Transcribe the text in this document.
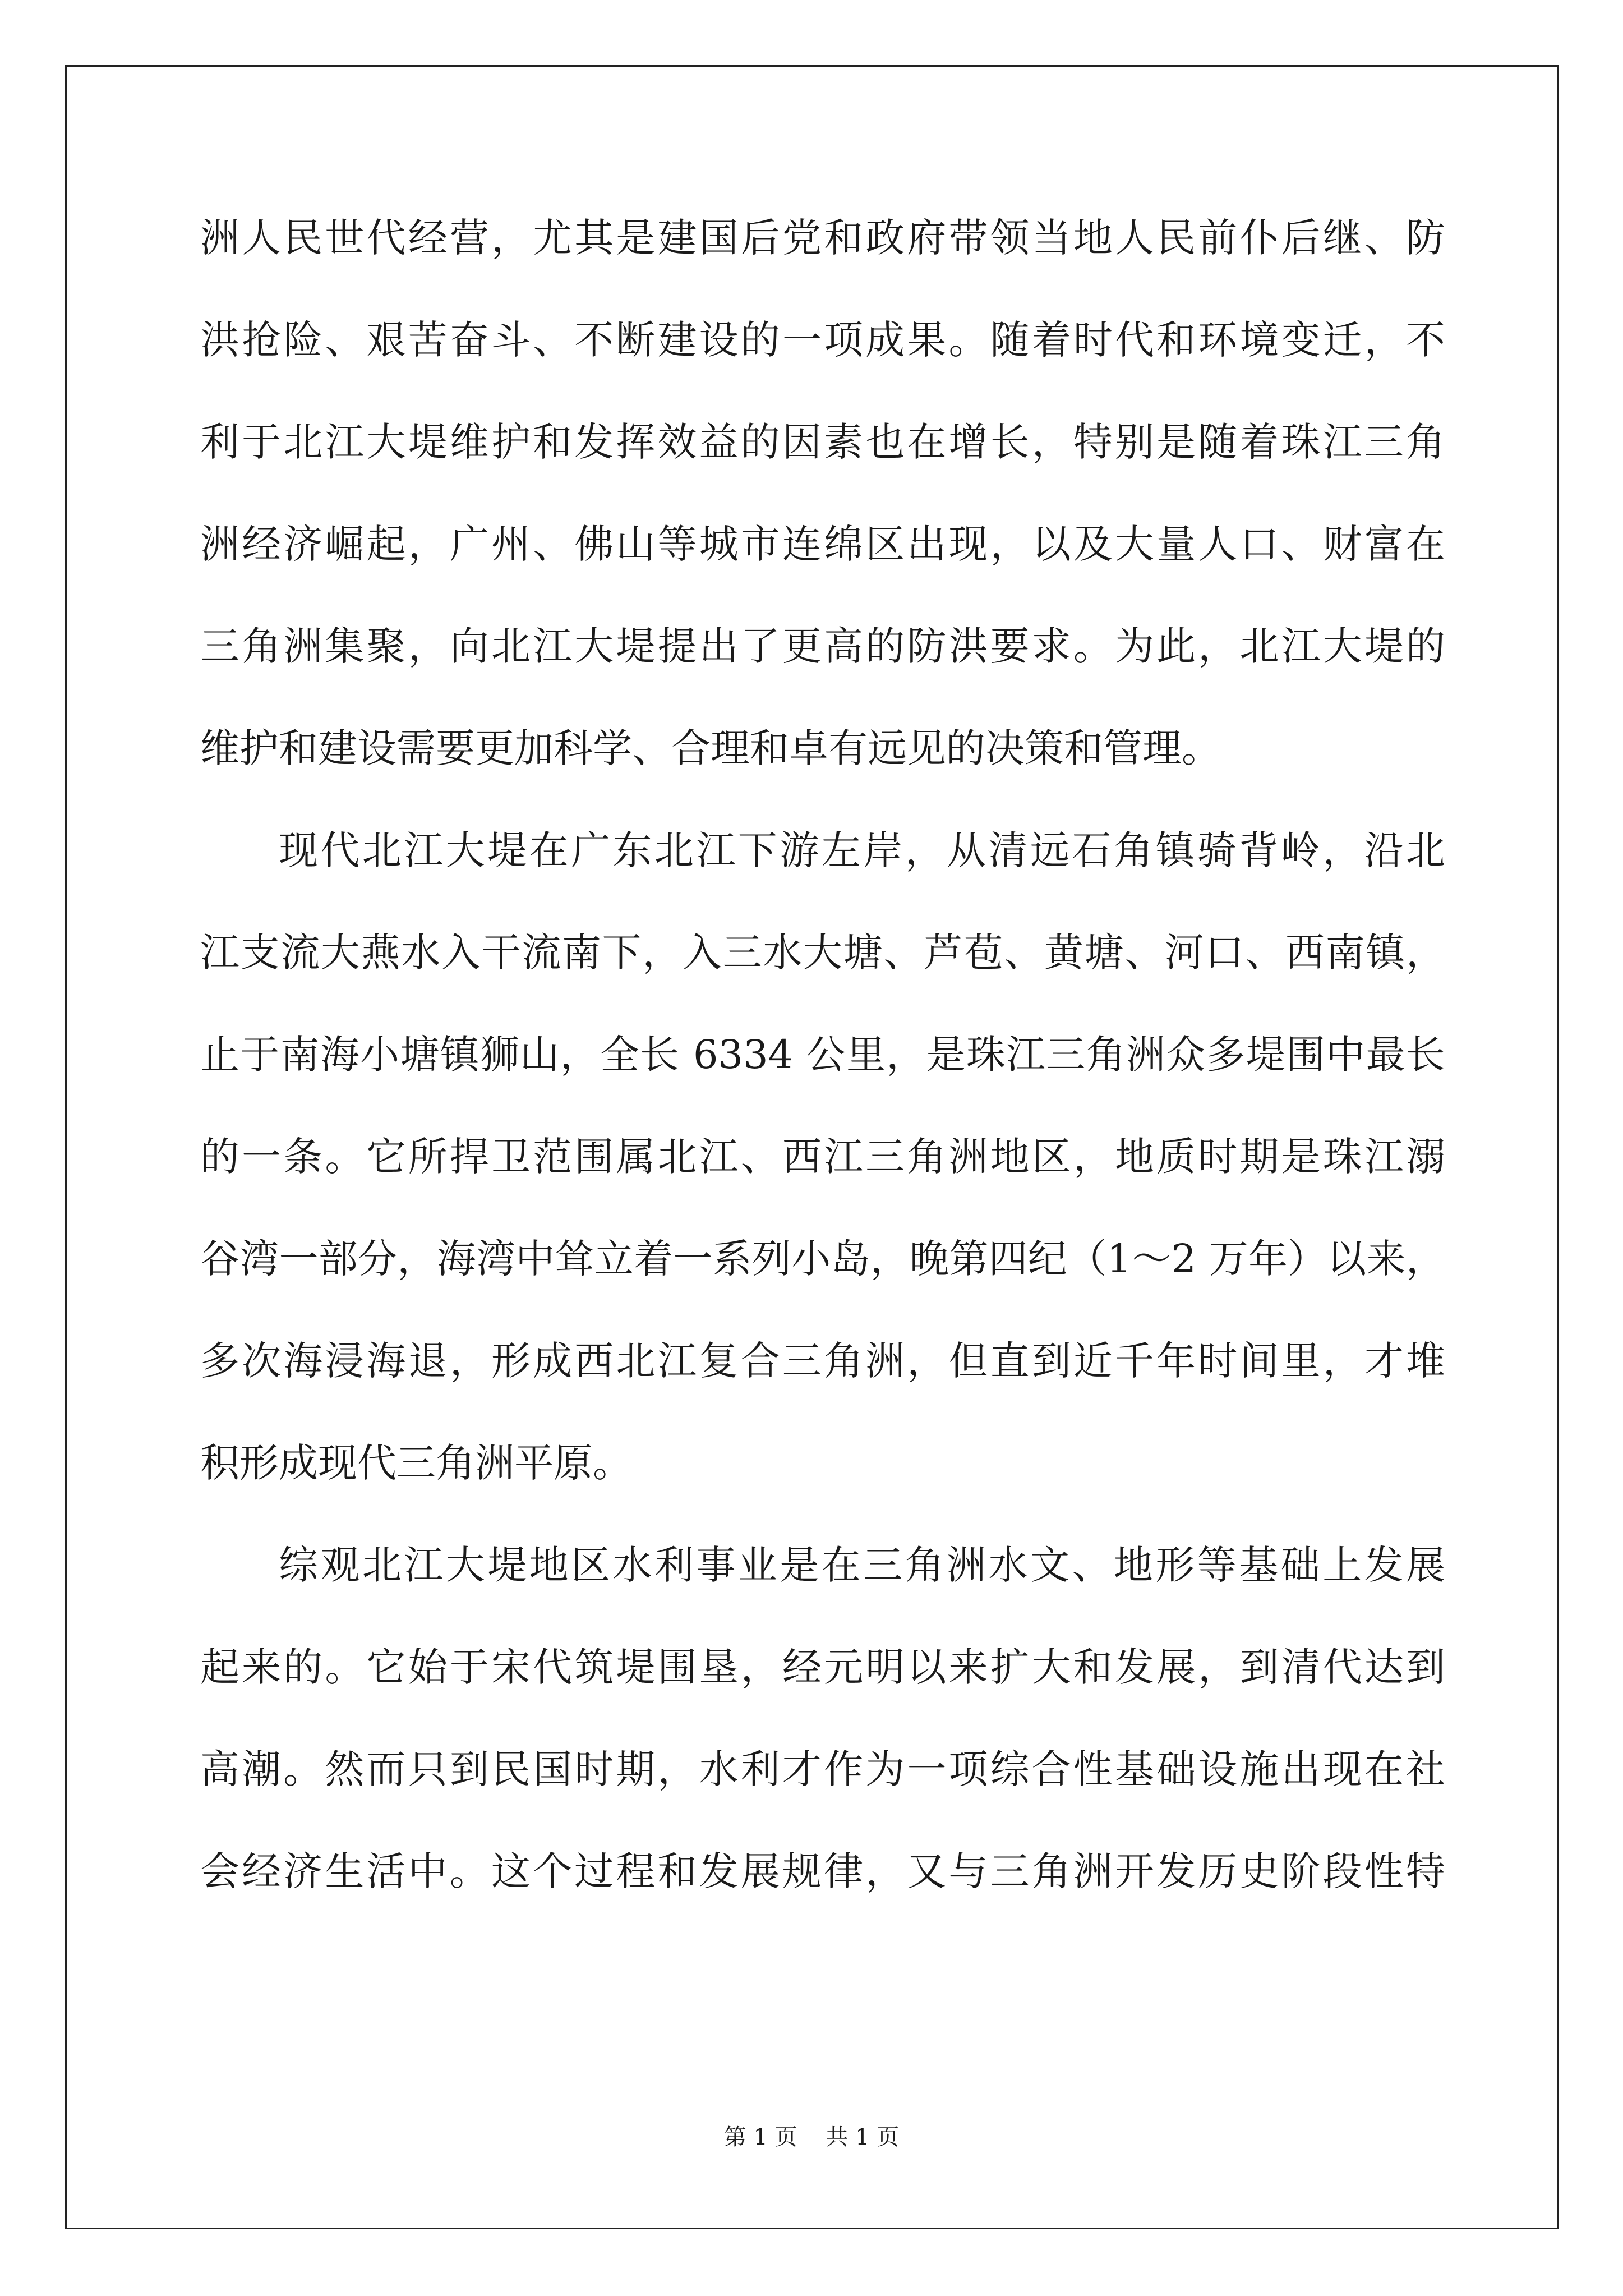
洲人民世代经营，尤其是建国后党和政府带领当地人民前仆后继、防
洪抢险、艰苦奋斗、不断建设的一项成果。随着时代和环境变迁，不
利于北江大堤维护和发挥效益的因素也在增长，特别是随着珠江三角
洲经济崛起，广州、佛山等城市连绵区出现，以及大量人口、财富在
三角洲集聚，向北江大堤提出了更高的防洪要求。为此，北江大堤的
维护和建设需要更加科学、合理和卓有远见的决策和管理。
现代北江大堤在广东北江下游左岸，从清远石角镇骑背岭，沿北
江支流大燕水入干流南下，入三水大塘、芦苞、黄塘、河口、西南镇，
止于南海小塘镇狮山，全长 6334 公里，是珠江三角洲众多堤围中最长
的一条。它所捍卫范围属北江、西江三角洲地区，地质时期是珠江溺
谷湾一部分，海湾中耸立着一系列小岛，晚第四纪（1～2 万年）以来，
多次海浸海退，形成西北江复合三角洲，但直到近千年时间里，才堆
积形成现代三角洲平原。
综观北江大堤地区水利事业是在三角洲水文、地形等基础上发展
起来的。它始于宋代筑堤围垦，经元明以来扩大和发展，到清代达到
高潮。然而只到民国时期，水利才作为一项综合性基础设施出现在社
会经济生活中。这个过程和发展规律，又与三角洲开发历史阶段性特
第 1 页    共 1 页
